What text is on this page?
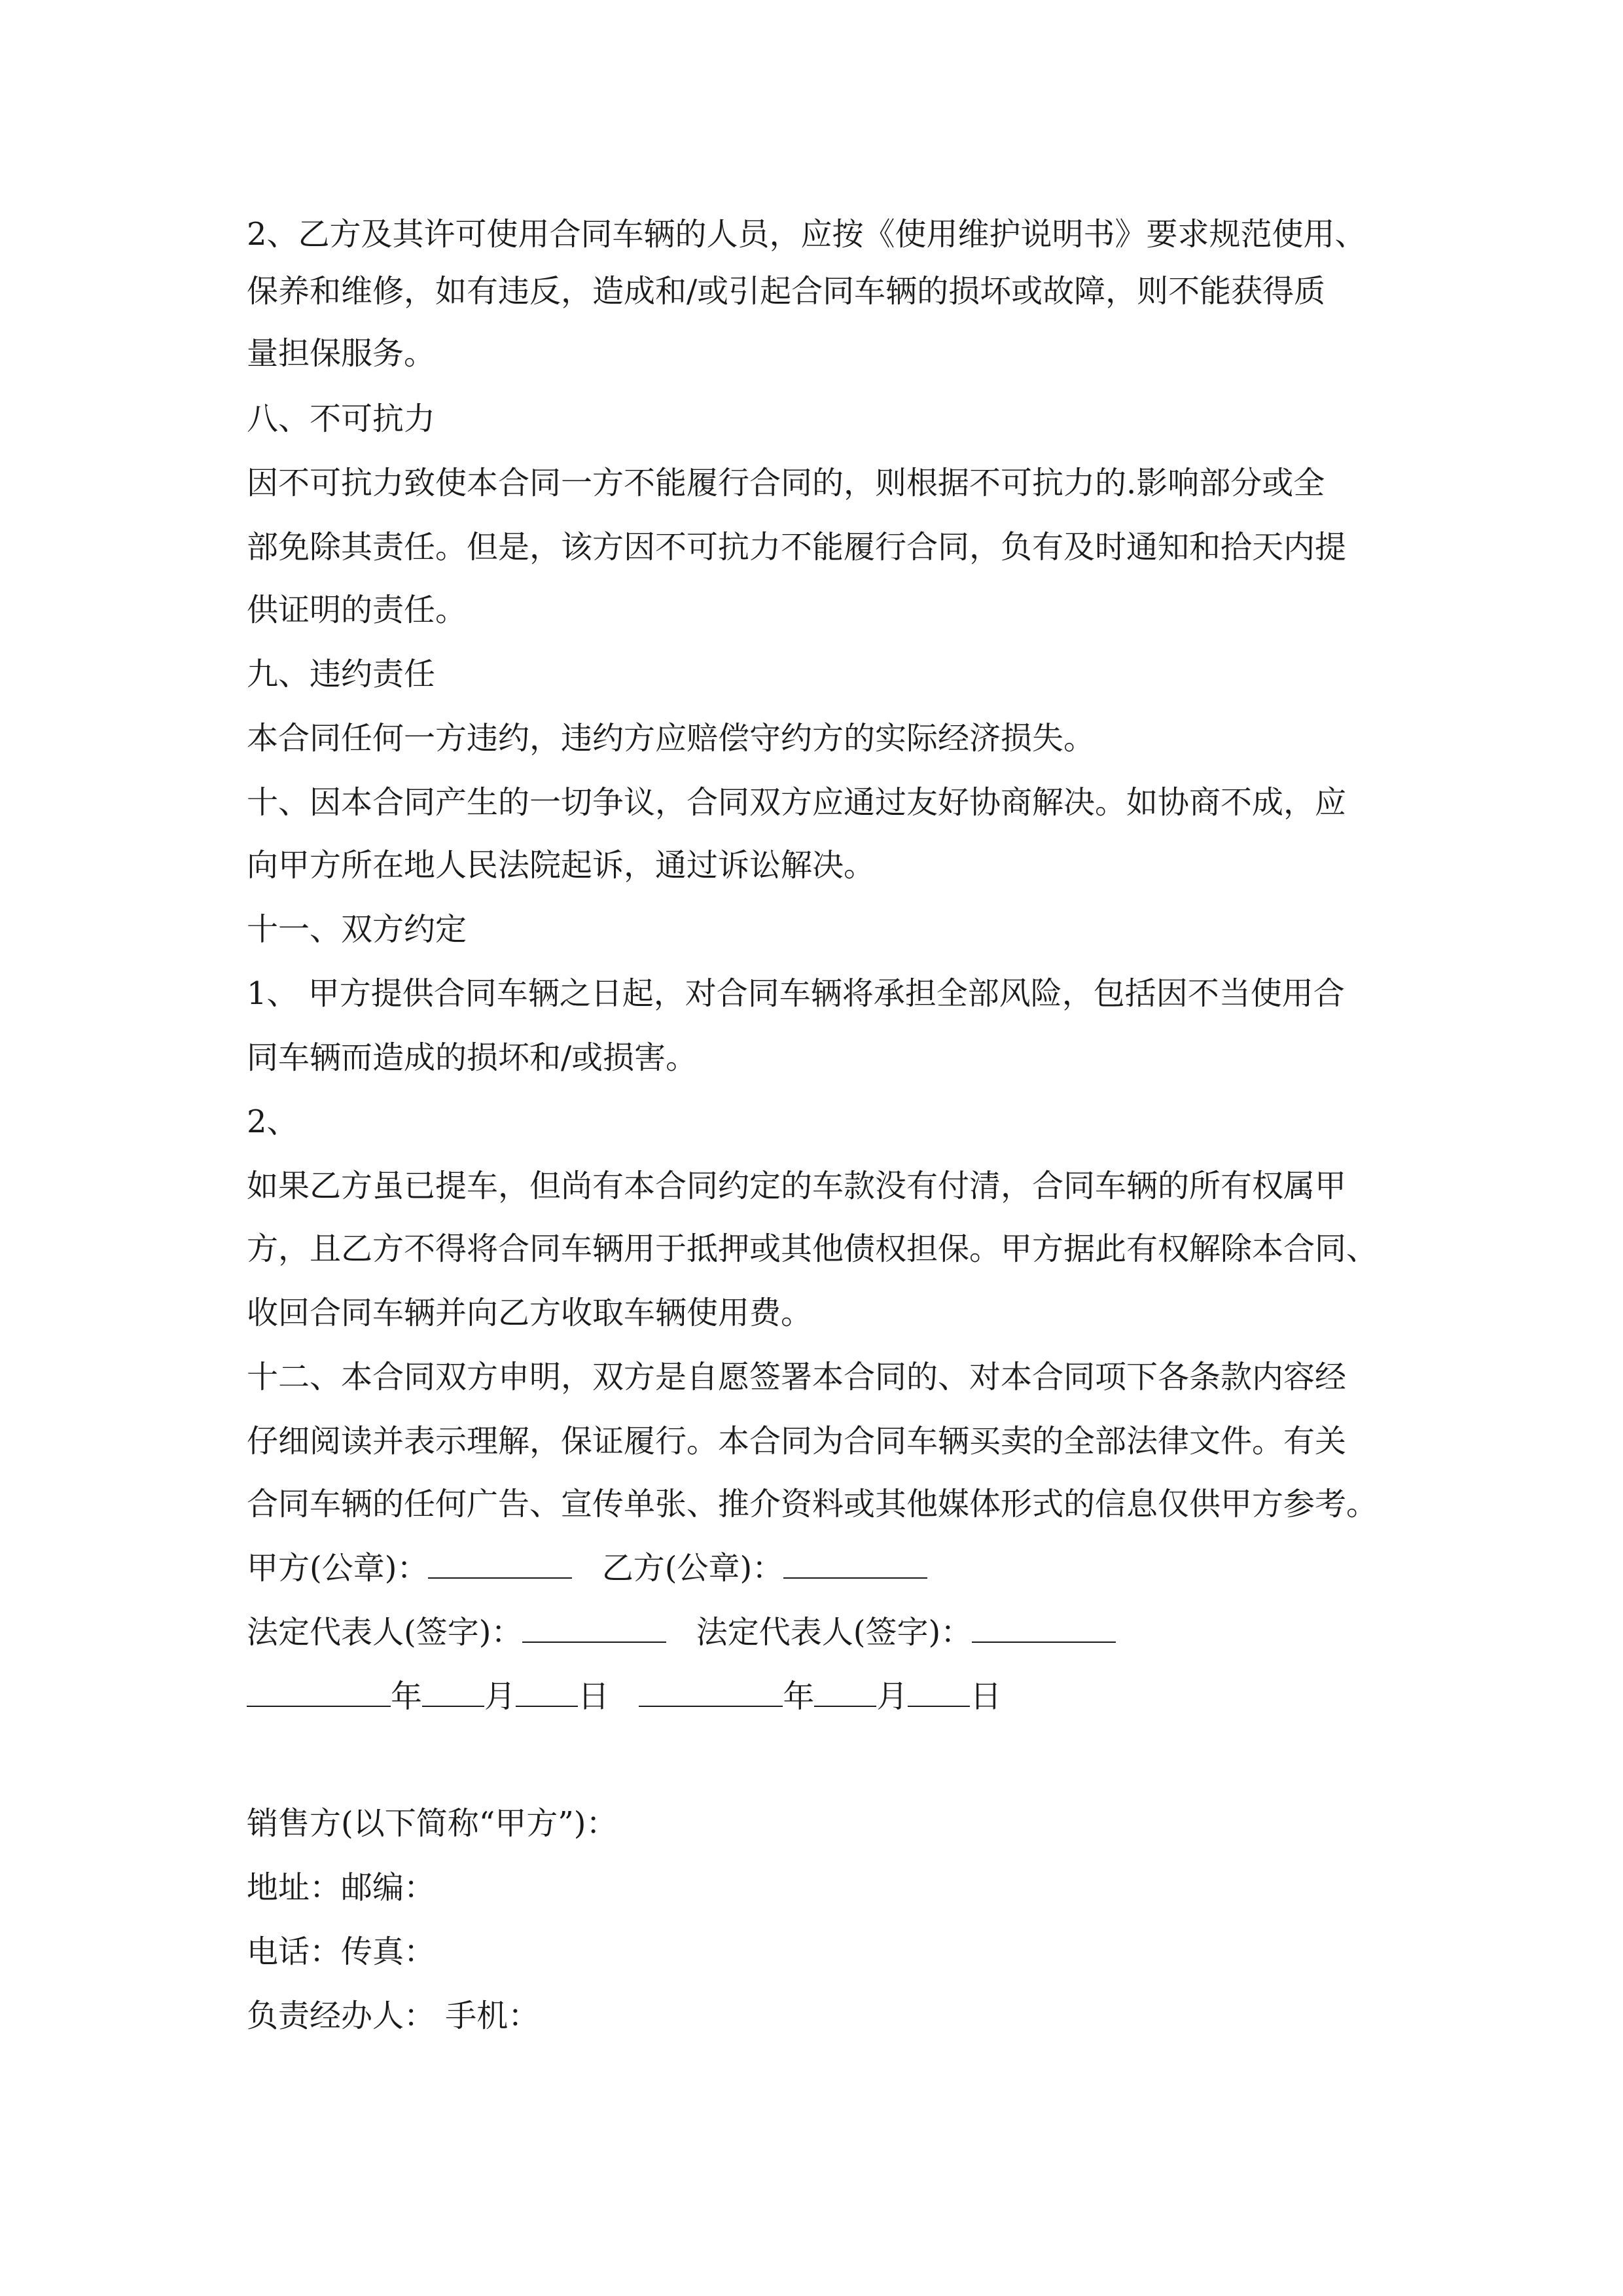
2、乙方及其许可使用合同车辆的人员，应按《使用维护说明书》要求规范使用、

保养和维修，如有违反，造成和/或引起合同车辆的损坏或故障，则不能获得质

量担保服务。

八、不可抗力

因不可抗力致使本合同一方不能履行合同的，则根据不可抗力的.影响部分或全

部免除其责任。但是，该方因不可抗力不能履行合同，负有及时通知和拾天内提

供证明的责任。

九、违约责任

本合同任何一方违约，违约方应赔偿守约方的实际经济损失。

十、因本合同产生的一切争议，合同双方应通过友好协商解决。如协商不成，应

向甲方所在地人民法院起诉，通过诉讼解决。

十一、双方约定

1、 甲方提供合同车辆之日起，对合同车辆将承担全部风险，包括因不当使用合

同车辆而造成的损坏和/或损害。

2、

如果乙方虽已提车，但尚有本合同约定的车款没有付清，合同车辆的所有权属甲

方，且乙方不得将合同车辆用于抵押或其他债权担保。甲方据此有权解除本合同、

收回合同车辆并向乙方收取车辆使用费。

十二、本合同双方申明，双方是自愿签署本合同的、对本合同项下各条款内容经

仔细阅读并表示理解，保证履行。本合同为合同车辆买卖的全部法律文件。有关

合同车辆的任何广告、宣传单张、推介资料或其他媒体形式的信息仅供甲方参考。

甲方(公章)：	乙方(公章)：

法定代表人(签字)：	法定代表人(签字)：

年 月 日	年 月 日

销售方(以下简称“甲方”)：

地址：邮编：

电话：传真：

负责经办人： 手机：
